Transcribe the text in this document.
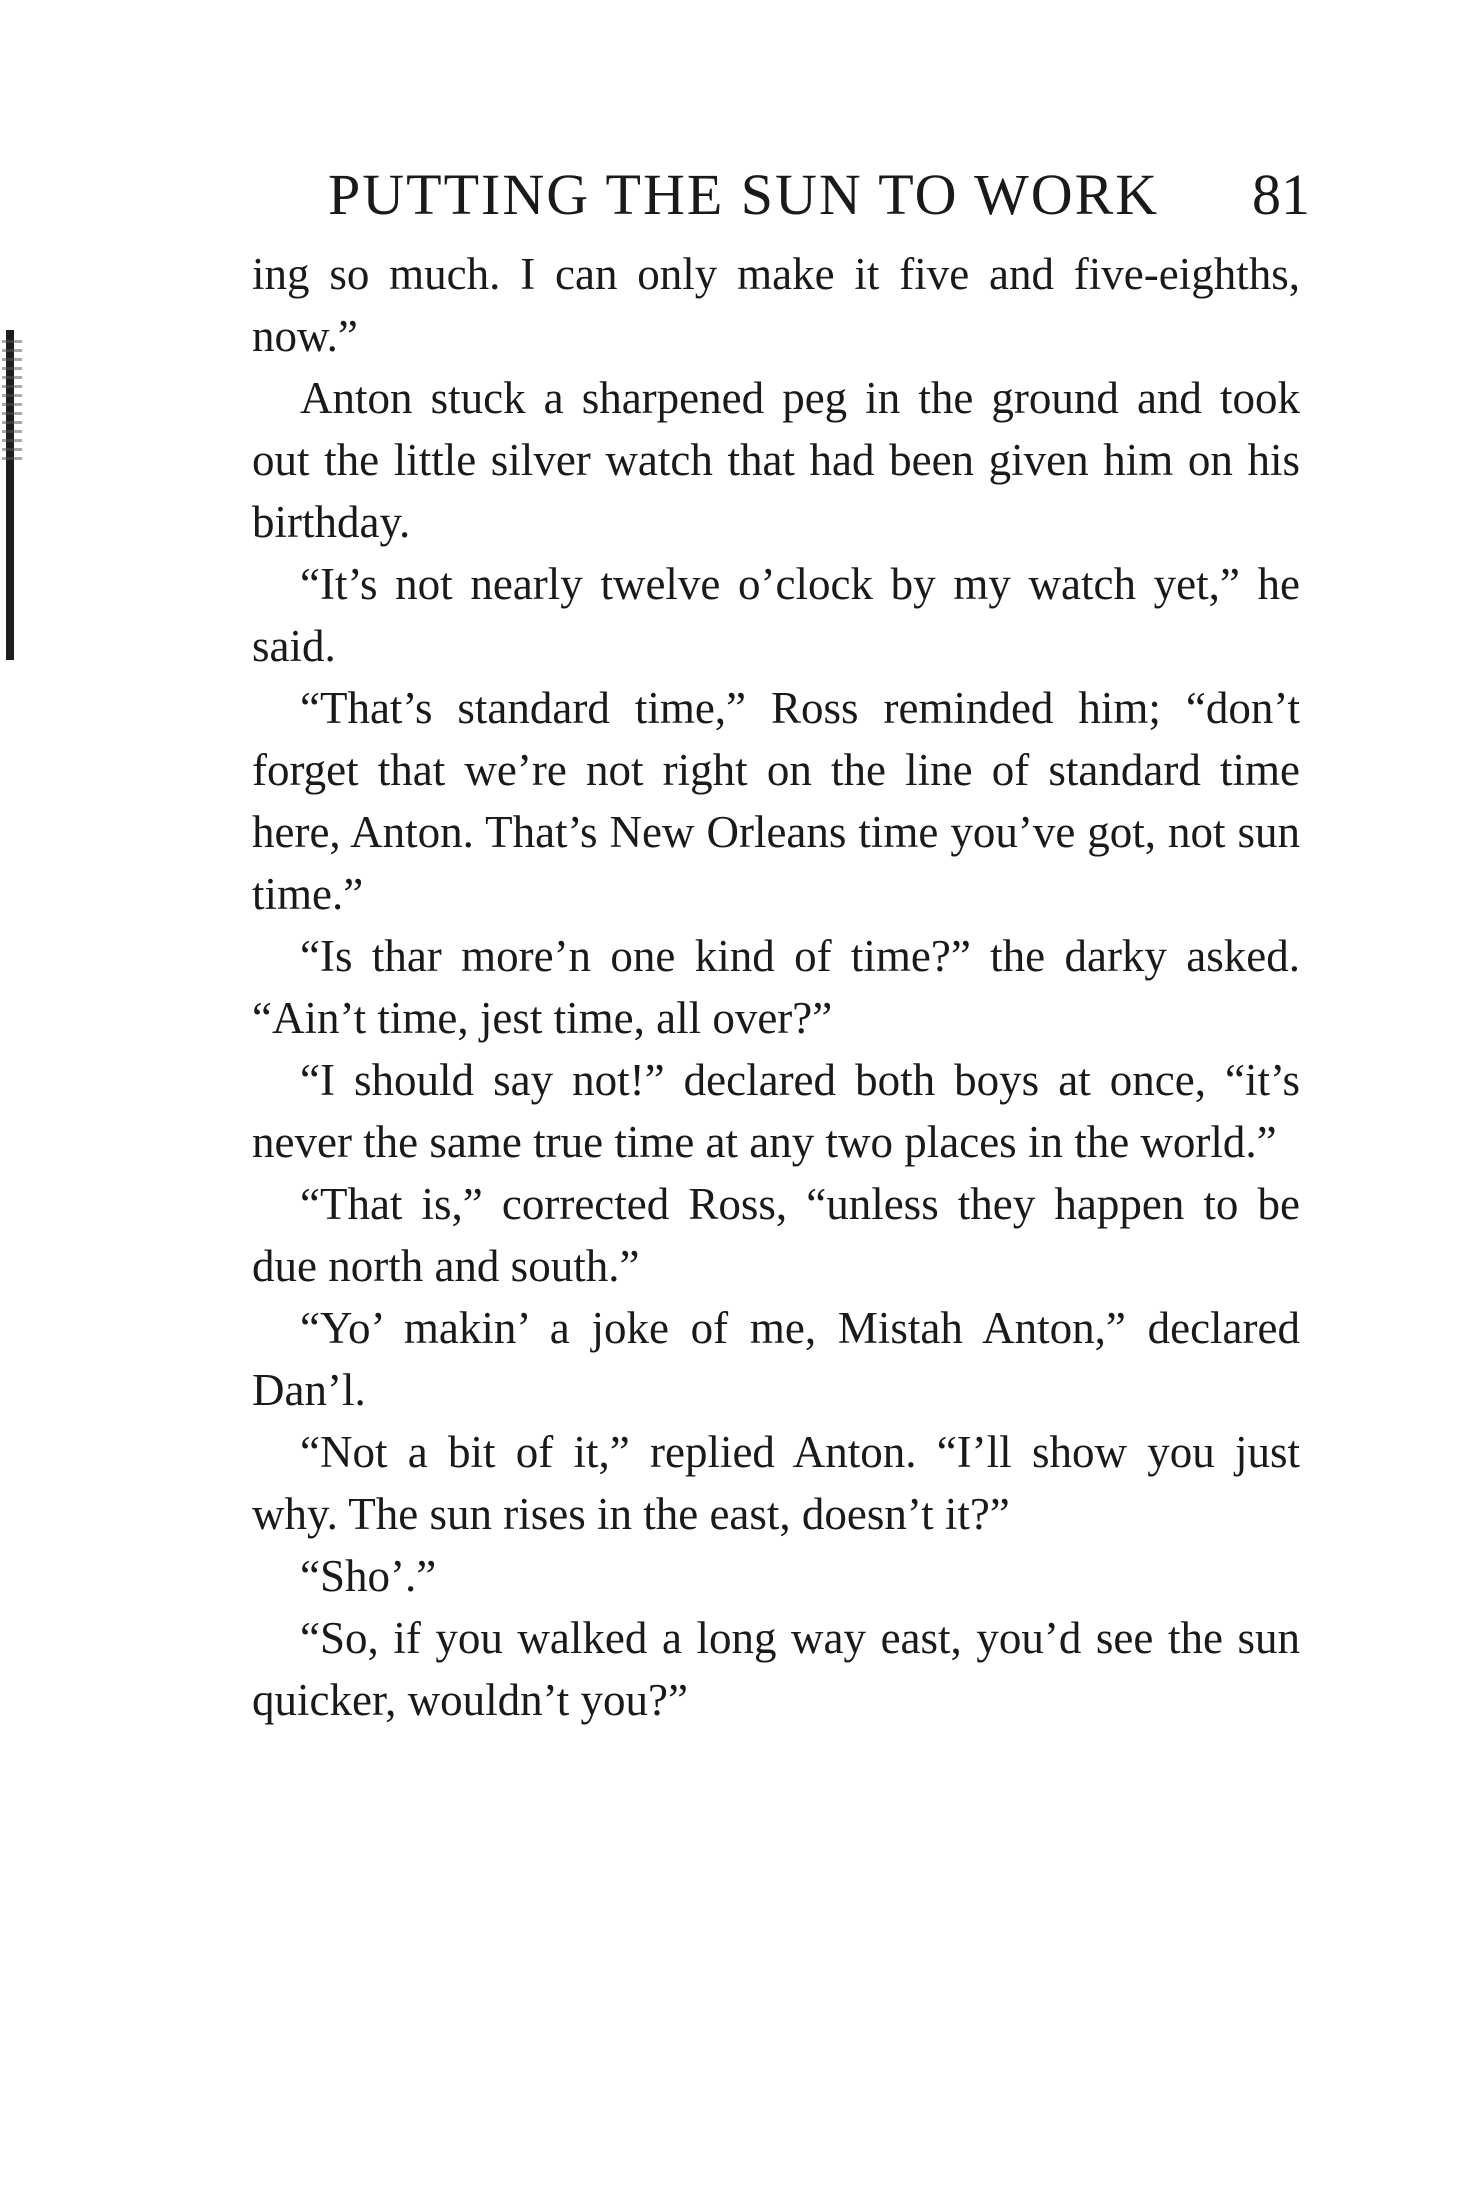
PUTTING THE SUN TO WORK 81

ing so much. I can only make it five and five-eighths, now.”

Anton stuck a sharpened peg in the ground and took out the little silver watch that had been given him on his birthday.

“It’s not nearly twelve o’clock by my watch yet,” he said.

“That’s standard time,” Ross reminded him; “don’t forget that we’re not right on the line of standard time here, Anton. That’s New Orleans time you’ve got, not sun time.”

“Is thar more’n one kind of time?” the darky asked. “Ain’t time, jest time, all over?”

“I should say not!” declared both boys at once, “it’s never the same true time at any two places in the world.”

“That is,” corrected Ross, “unless they happen to be due north and south.”

“Yo’ makin’ a joke of me, Mistah Anton,” declared Dan’l.

“Not a bit of it,” replied Anton. “I’ll show you just why. The sun rises in the east, doesn’t it?”

“Sho’.”

“So, if you walked a long way east, you’d see the sun quicker, wouldn’t you?”
